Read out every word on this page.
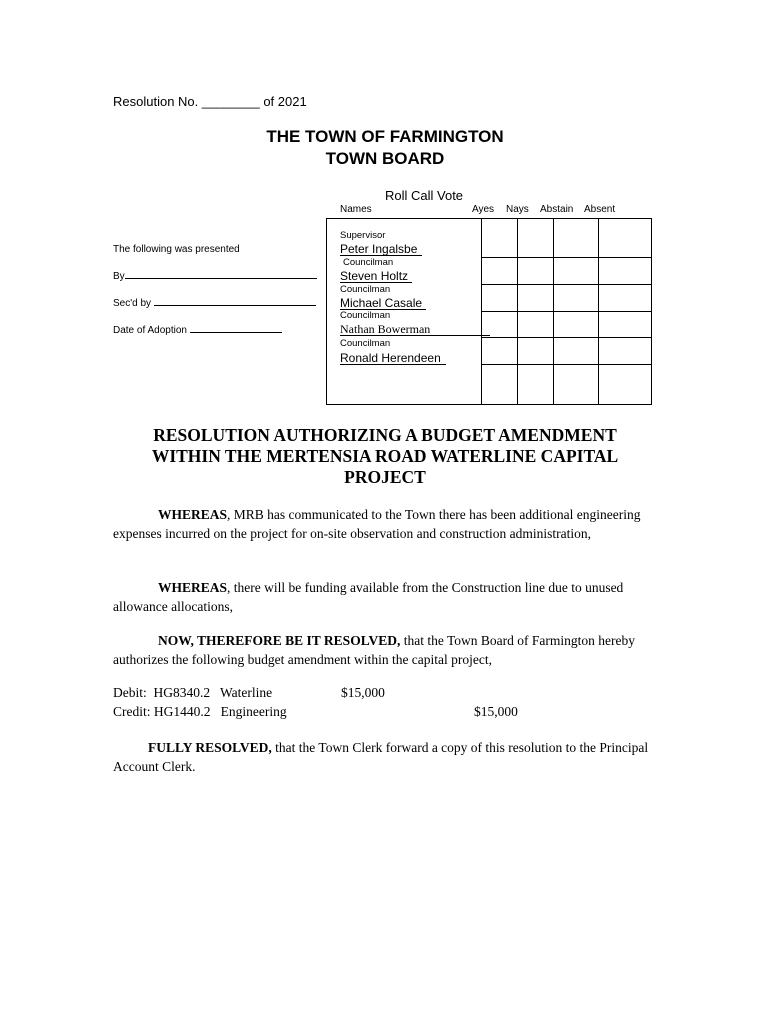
Resolution No. ________ of 2021
THE TOWN OF FARMINGTON
TOWN BOARD
Roll Call Vote
Names	Ayes Nays Abstain Absent
The following was presented
By
Sec'd by
Date of Adoption
Supervisor
Peter Ingalsbe
Councilman
Steven Holtz
Councilman
Michael Casale
Councilman
Nathan Bowerman
Councilman
Ronald Herendeen
RESOLUTION AUTHORIZING A BUDGET AMENDMENT
WITHIN THE MERTENSIA ROAD WATERLINE CAPITAL
PROJECT
WHEREAS, MRB has communicated to the Town there has been additional engineering expenses incurred on the project for on-site observation and construction administration,
WHEREAS, there will be funding available from the Construction line due to unused allowance allocations,
NOW, THEREFORE BE IT RESOLVED, that the Town Board of Farmington hereby authorizes the following budget amendment within the capital project,
Debit:  HG8340.2   Waterline	$15,000
Credit: HG1440.2   Engineering	$15,000
FULLY RESOLVED, that the Town Clerk forward a copy of this resolution to the Principal Account Clerk.
